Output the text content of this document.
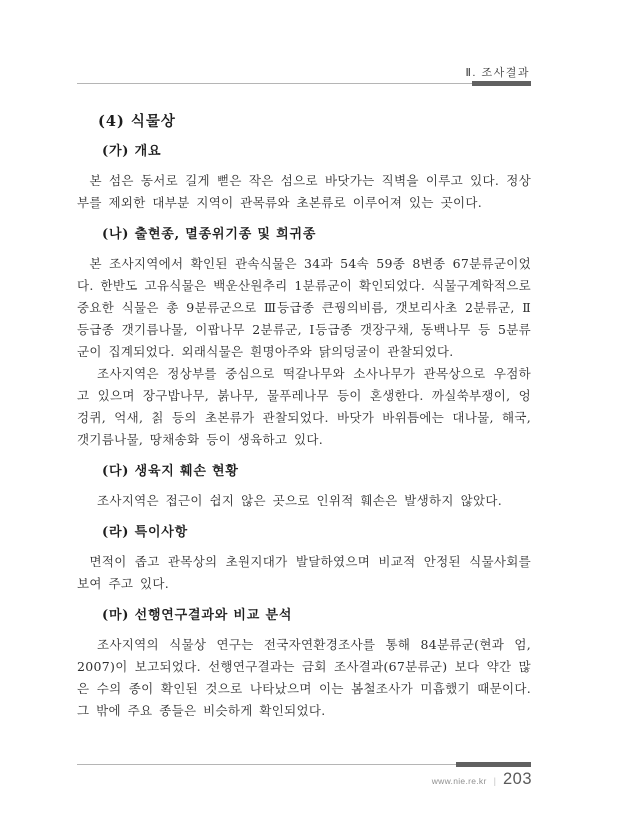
Ⅱ. 조사결과
(4) 식물상
(가) 개요

본 섬은 동서로 길게 뻗은 작은 섬으로 바닷가는 직벽을 이루고 있다. 정상부를 제외한 대부분 지역이 관목류와 초본류로 이루어져 있는 곳이다.

(나) 출현종, 멸종위기종 및 희귀종

본 조사지역에서 확인된 관속식물은 34과 54속 59종 8변종 67분류군이었다. 한반도 고유식물은 백운산원추리 1분류군이 확인되었다. 식물구계학적으로 중요한 식물은 총 9분류군으로 Ⅲ등급종 큰꿩의비름, 갯보리사초 2분류군, Ⅱ등급종 갯기름나물, 이팝나무 2분류군, Ⅰ등급종 갯장구채, 동백나무 등 5분류군이 집계되었다. 외래식물은 흰명아주와 닭의덩굴이 관찰되었다.

조사지역은 정상부를 중심으로 떡갈나무와 소사나무가 관목상으로 우점하고 있으며 장구밥나무, 붉나무, 물푸레나무 등이 혼생한다. 까실쑥부쟁이, 엉겅퀴, 억새, 칡 등의 초본류가 관찰되었다. 바닷가 바위틈에는 대나물, 해국, 갯기름나물, 땅채송화 등이 생육하고 있다.

(다) 생육지 훼손 현황

조사지역은 접근이 쉽지 않은 곳으로 인위적 훼손은 발생하지 않았다.

(라) 특이사항

면적이 좁고 관목상의 초원지대가 발달하였으며 비교적 안정된 식물사회를 보여 주고 있다.

(마) 선행연구결과와 비교 분석

조사지역의 식물상 연구는 전국자연환경조사를 통해 84분류군(현과 엄, 2007)이 보고되었다. 선행연구결과는 금회 조사결과(67분류군) 보다 약간 많은 수의 종이 확인된 것으로 나타났으며 이는 봄철조사가 미흡했기 때문이다. 그 밖에 주요 종들은 비슷하게 확인되었다.

www.nie.re.kr | 203
